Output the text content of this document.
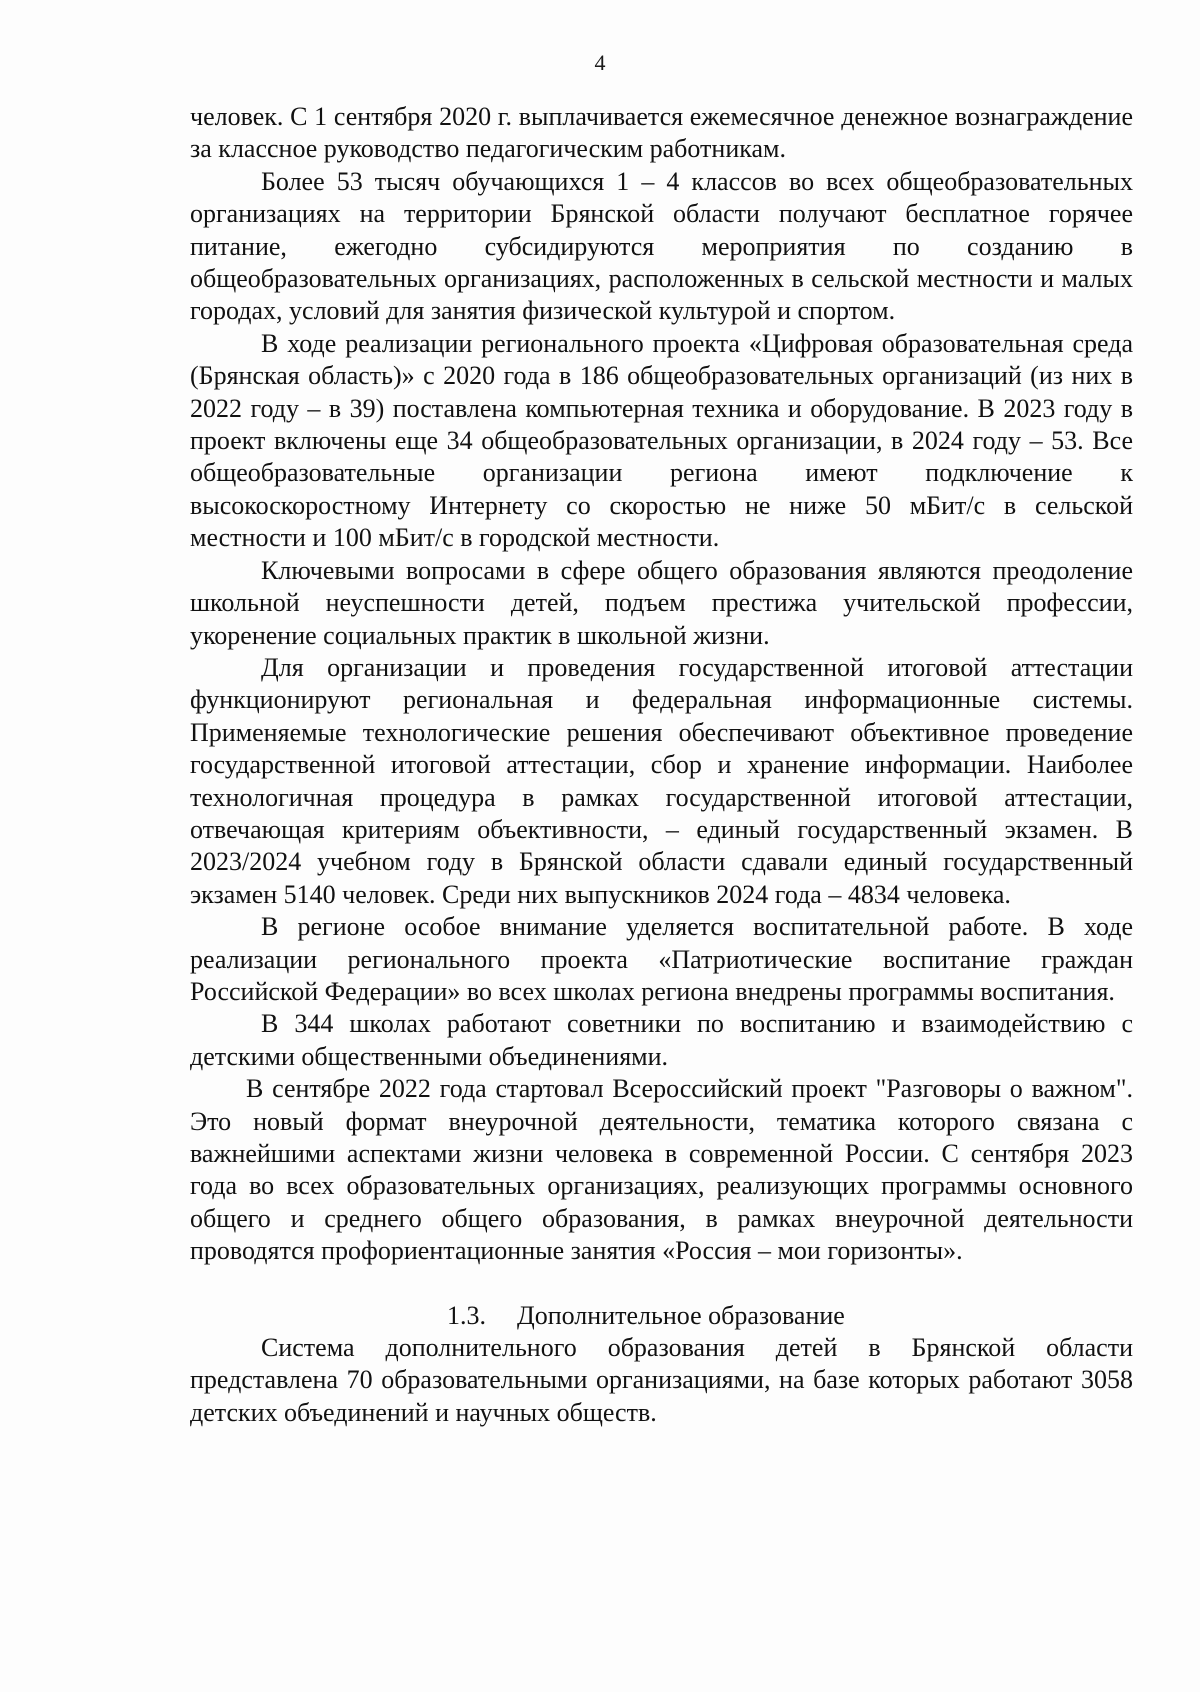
4

человек. С 1 сентября 2020 г. выплачивается ежемесячное денежное вознаграждение за классное руководство педагогическим работникам.

Более 53 тысяч обучающихся 1 – 4 классов во всех общеобразовательных организациях на территории Брянской области получают бесплатное горячее питание, ежегодно субсидируются мероприятия по созданию в общеобразовательных организациях, расположенных в сельской местности и малых городах, условий для занятия физической культурой и спортом.

В ходе реализации регионального проекта «Цифровая образовательная среда (Брянская область)» с 2020 года в 186 общеобразовательных организаций (из них в 2022 году – в 39) поставлена компьютерная техника и оборудование. В 2023 году в проект включены еще 34 общеобразовательных организации, в 2024 году – 53. Все общеобразовательные организации региона имеют подключение к высокоскоростному Интернету со скоростью не ниже 50 мБит/с в сельской местности и 100 мБит/с в городской местности.

Ключевыми вопросами в сфере общего образования являются преодоление школьной неуспешности детей, подъем престижа учительской профессии, укоренение социальных практик в школьной жизни.

Для организации и проведения государственной итоговой аттестации функционируют региональная и федеральная информационные системы. Применяемые технологические решения обеспечивают объективное проведение государственной итоговой аттестации, сбор и хранение информации. Наиболее технологичная процедура в рамках государственной итоговой аттестации, отвечающая критериям объективности, – единый государственный экзамен. В 2023/2024 учебном году в Брянской области сдавали единый государственный экзамен 5140 человек. Среди них выпускников 2024 года – 4834 человека.

В регионе особое внимание уделяется воспитательной работе. В ходе реализации регионального проекта «Патриотические воспитание граждан Российской Федерации» во всех школах региона внедрены программы воспитания.

В 344 школах работают советники по воспитанию и взаимодействию с детскими общественными объединениями.

В сентябре 2022 года стартовал Всероссийский проект "Разговоры о важном". Это новый формат внеурочной деятельности, тематика которого связана с важнейшими аспектами жизни человека в современной России. С сентября 2023 года во всех образовательных организациях, реализующих программы основного общего и среднего общего образования, в рамках внеурочной деятельности проводятся профориентационные занятия «Россия – мои горизонты».

1.3. Дополнительное образование

Система дополнительного образования детей в Брянской области представлена 70 образовательными организациями, на базе которых работают 3058 детских объединений и научных обществ.
